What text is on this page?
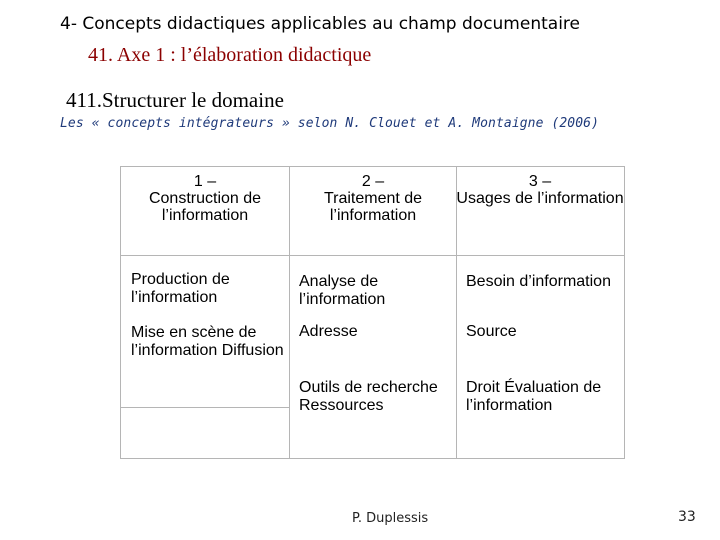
4- Concepts didactiques applicables au champ documentaire
41. Axe 1 : l’élaboration didactique
411.Structurer le domaine
Les « concepts intégrateurs » selon N. Clouet et A. Montaigne (2006)
1 –
Construction de l’information
2 –
Traitement de l’information
3 –
Usages de l’information
Production de l’information
Analyse de l’information
Besoin d’information
Mise en scène de l’information Diffusion
Adresse	Source
Outils de recherche Ressources
Droit Évaluation de l’information
P. Duplessis	33
